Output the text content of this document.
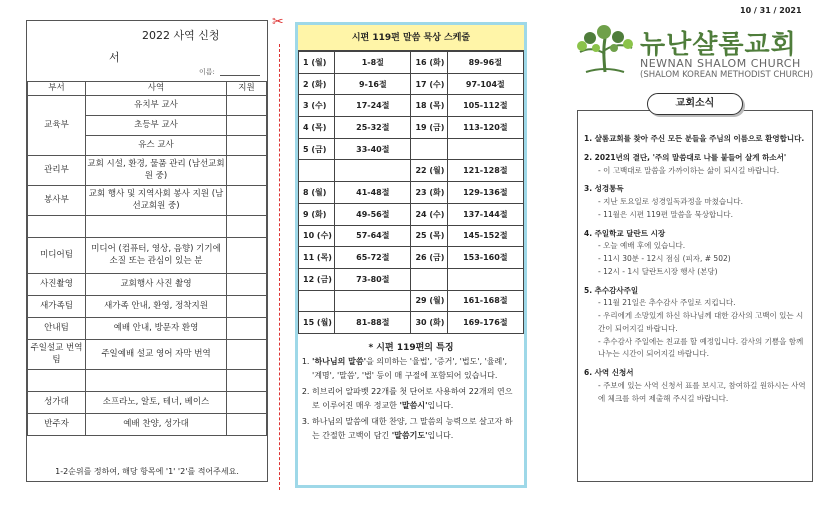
2022 사역 신청
서
이름:
부서	사역	지원
교육부	유치부 교사	
	초등부 교사	
	유스 교사	
관리부	교회 시설, 환경, 물품 관리 (남선교회원 중)	
봉사부	교회 행사 및 지역사회 봉사 지원 (남선교회원 중)	

미디어팀	미디어 (컴퓨터, 영상, 음향) 기기에 소질 또는 관심이 있는 분	
사진촬영	교회행사 사진 촬영	
새가족팀	새가족 안내, 환영, 정착지원	
안내팀	예배 안내, 방문자 환영	
주일설교 번역팀	주일예배 설교 영어 자막 번역	

성가대	소프라노, 알토, 테너, 베이스	
반주자	예배 찬양, 성가대	
1-2순위를 정하여, 해당 항목에 '1' '2'를 적어주세요.
✂
시편 119편 말씀 묵상 스케줄
1 (월)	1-8절	16 (화)	89-96절
2 (화)	9-16절	17 (수)	97-104절
3 (수)	17-24절	18 (목)	105-112절
4 (목)	25-32절	19 (금)	113-120절
5 (금)	33-40절		
		22 (월)	121-128절
8 (월)	41-48절	23 (화)	129-136절
9 (화)	49-56절	24 (수)	137-144절
10 (수)	57-64절	25 (목)	145-152절
11 (목)	65-72절	26 (금)	153-160절
12 (금)	73-80절		
		29 (월)	161-168절
15 (월)	81-88절	30 (화)	169-176절
* 시편 119편의 특징
1. '하나님의 말씀'을 의미하는 '율법', '증거', '법도', '율례', '계명', '말씀', '법' 등이 매 구절에 포함되어 있습니다.
2. 히브리어 알파벳 22개를 첫 단어로 사용하여 22개의 연으로 이루어진 매우 정교한 '말씀시'입니다.
3. 하나님의 말씀에 대한 찬양, 그 말씀의 능력으로 살고자 하는 간절한 고백이 담긴 '말씀기도'입니다.
10 / 31 / 2021
뉴난샬롬교회
NEWNAN SHALOM CHURCH
(SHALOM KOREAN METHODIST CHURCH)
교회소식
1. 샬롬교회를 찾아 주신 모든 분들을 주님의 이름으로 환영합니다.
2. 2021년의 결단, '주의 말씀대로 나를 붙들어 살게 하소서'
- 이 고백대로 말씀을 가까이하는 삶이 되시길 바랍니다.
3. 성경통독
- 지난 토요일로 성경일독과정을 마쳤습니다.
- 11월은 시편 119편 말씀을 묵상합니다.
4. 주일학교 달란트 시장
- 오늘 예배 후에 있습니다.
- 11시 30분 - 12시 점심 (피자, # 502)
- 12시 - 1시 달란트시장 행사 (본당)
5. 추수감사주일
- 11월 21일은 추수감사 주일로 지킵니다.
- 우리에게 소망있게 하신 하나님께 대한 감사의 고백이 있는 시간이 되어지길 바랍니다.
- 추수감사 주일에는 친교를 할 예정입니다. 감사의 기쁨을 함께 나누는 시간이 되어지길 바랍니다.
6. 사역 신청서
- 주보에 있는 사역 신청서 표를 보시고, 참여하길 원하시는 사역에 체크를 하여 제출해 주시길 바랍니다.
